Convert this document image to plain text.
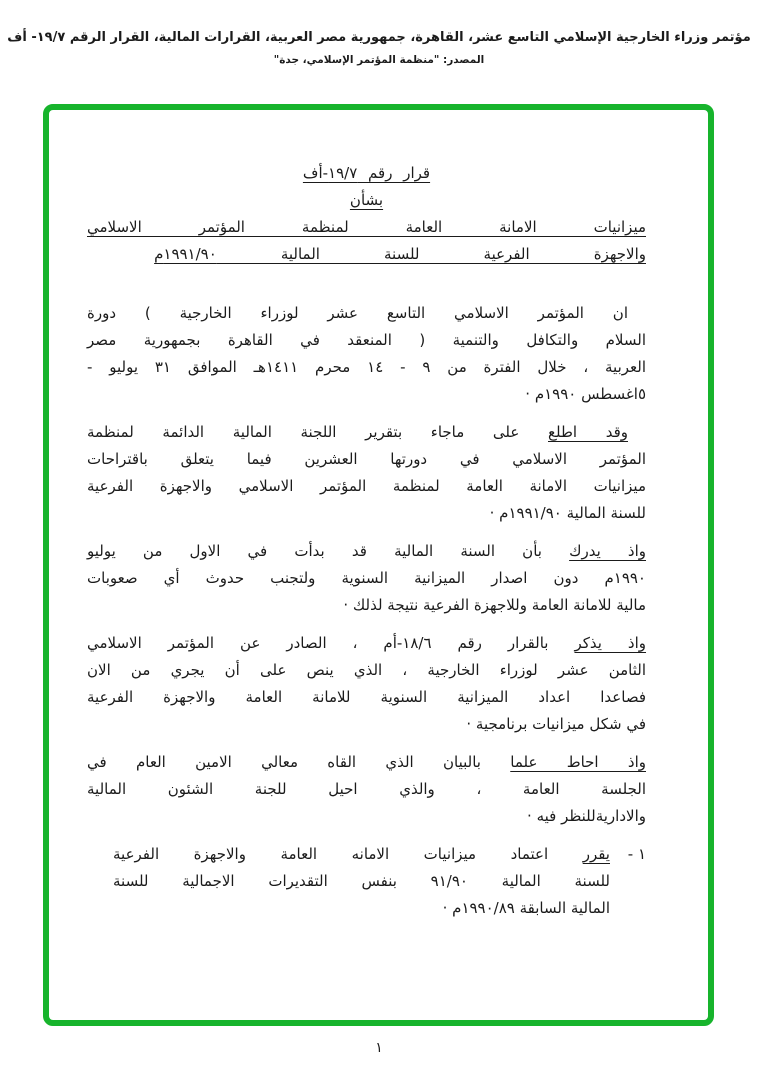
مؤتمر وزراء الخارجية الإسلامي التاسع عشر، القاهرة، جمهورية مصر العربية، القرارات المالية، القرار الرقم ١٩/٧- أف
المصدر: "منظمة المؤتمر الإسلامي، جدة"
قرار رقم ١٩/٧-أف
بشأن
ميزانيات الامانة العامة لمنظمة المؤتمر الاسلامي
والاجهزة الفرعية للسنة المالية ١٩٩١/٩٠م
ان المؤتمر الاسلامي التاسع عشر لوزراء الخارجية ) دورة
السلام والتكافل والتنمية ( المنعقد في القاهرة بجمهورية مصر
العربية ، خلال الفترة من ٩ - ١٤ محرم ١٤١١هـ الموافق ٣١ يوليو -
٥اغسطس ١٩٩٠م ·
وقد اطلع على ماجاء بتقرير اللجنة المالية الدائمة لمنظمة
المؤتمر الاسلامي في دورتها العشرين فيما يتعلق باقتراحات
ميزانيات الامانة العامة لمنظمة المؤتمر الاسلامي والاجهزة الفرعية
للسنة المالية ١٩٩١/٩٠م ·
واذ يدرك بأن السنة المالية قد بدأت في الاول من يوليو
١٩٩٠م دون اصدار الميزانية السنوية ولتجنب حدوث أي صعوبات
مالية للامانة العامة وللاجهزة الفرعية نتيجة لذلك ·
واذ يذكر بالقرار رقم ١٨/٦-أم ، الصادر عن المؤتمر الاسلامي
الثامن عشر لوزراء الخارجية ، الذي ينص على أن يجري من الان
فصاعدا اعداد الميزانية السنوية للامانة العامة والاجهزة الفرعية
في شكل ميزانيات برنامجية ·
واذ احاط علما بالبيان الذي القاه معالي الامين العام في
الجلسة العامة ، والذي احيل للجنة الشئون المالية
والاداريةللنظر فيه ·
١ -
يقرر اعتماد ميزانيات الامانه العامة والاجهزة الفرعية
للسنة المالية ٩١/٩٠ بنفس التقديرات الاجمالية للسنة
المالية السابقة ١٩٩٠/٨٩م ·
١
